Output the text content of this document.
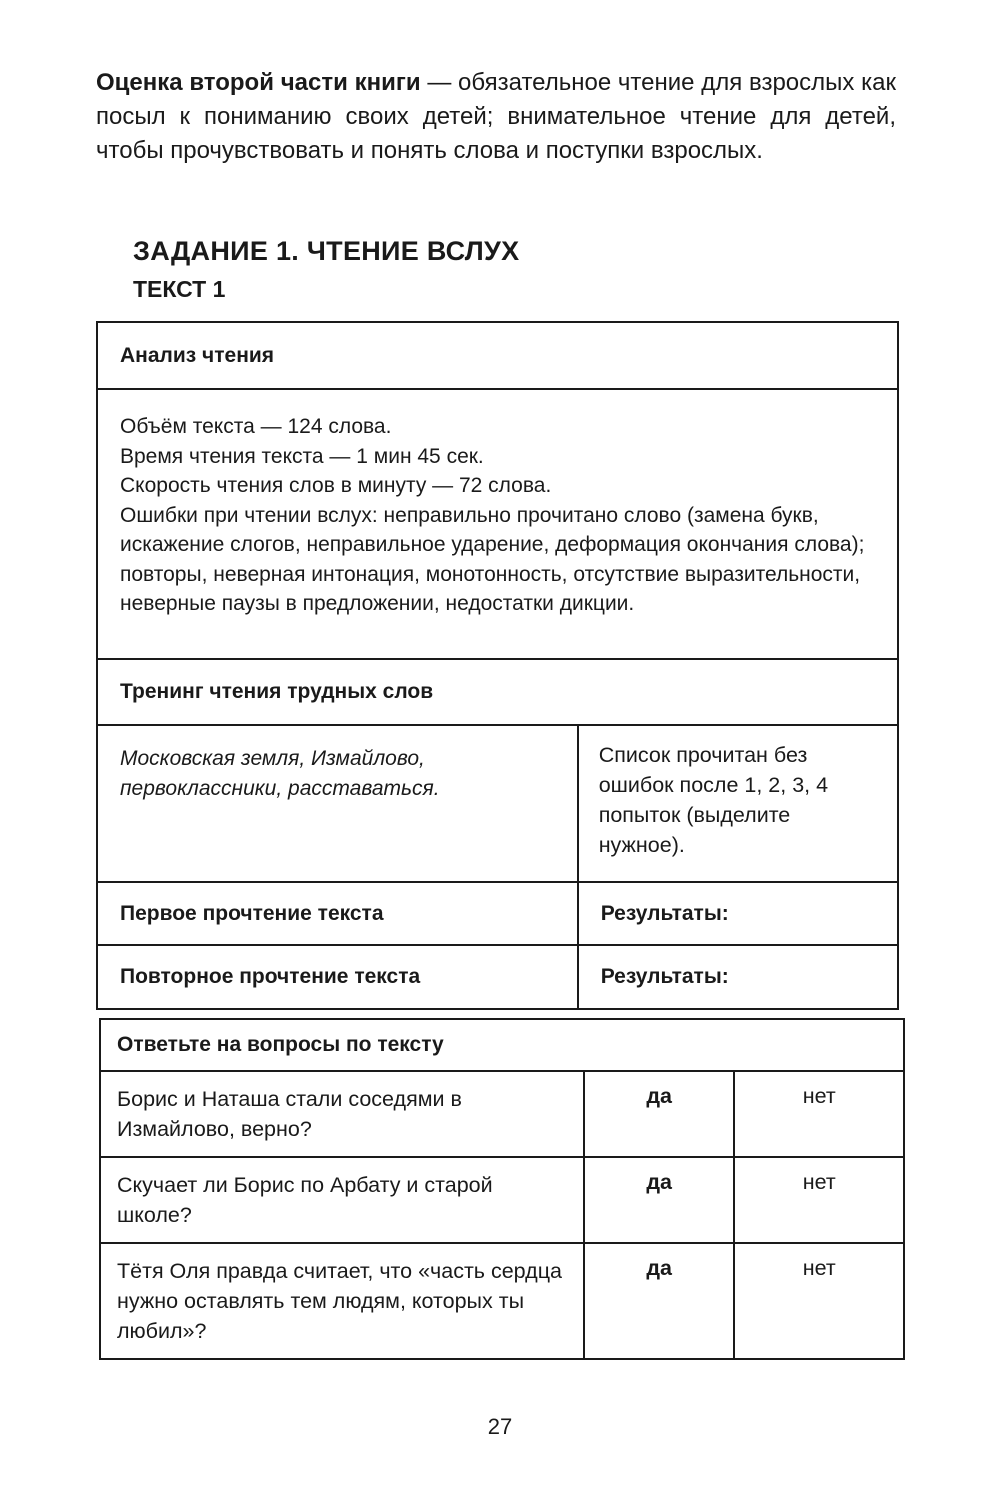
Оценка второй части книги — обязательное чтение для взрослых как посыл к пониманию своих детей; внимательное чтение для детей, чтобы прочувствовать и понять слова и поступки взрослых.

ЗАДАНИЕ 1. ЧТЕНИЕ ВСЛУХ
ТЕКСТ 1
Анализ чтения	

Объём текста — 124 слова.
Время чтения текста — 1 мин 45 сек.
Скорость чтения слов в минуту — 72 слова.
Ошибки при чтении вслух: неправильно прочитано слово (замена букв, искажение слогов, неправильное ударение, деформация окончания слова); повторы, неверная интонация, монотонность, отсутствие выразительности, неверные паузы в предложении, недостатки дикции.	

Тренинг чтения трудных слов	
Московская земля, Измайлово, первоклассники, расставаться.	Список прочитан без ошибок после 1, 2, 3, 4 попыток (выделите нужное).
Первое прочтение текста	Результаты:
Повторное прочтение текста	Результаты:
Ответьте на вопросы по тексту		
Борис и Наташа стали соседями в Измайлово, верно?	да	нет
Скучает ли Борис по Арбату и старой школе?	да	нет
Тётя Оля правда считает, что «часть сердца нужно оставлять тем людям, которых ты любил»?	да	нет
27
